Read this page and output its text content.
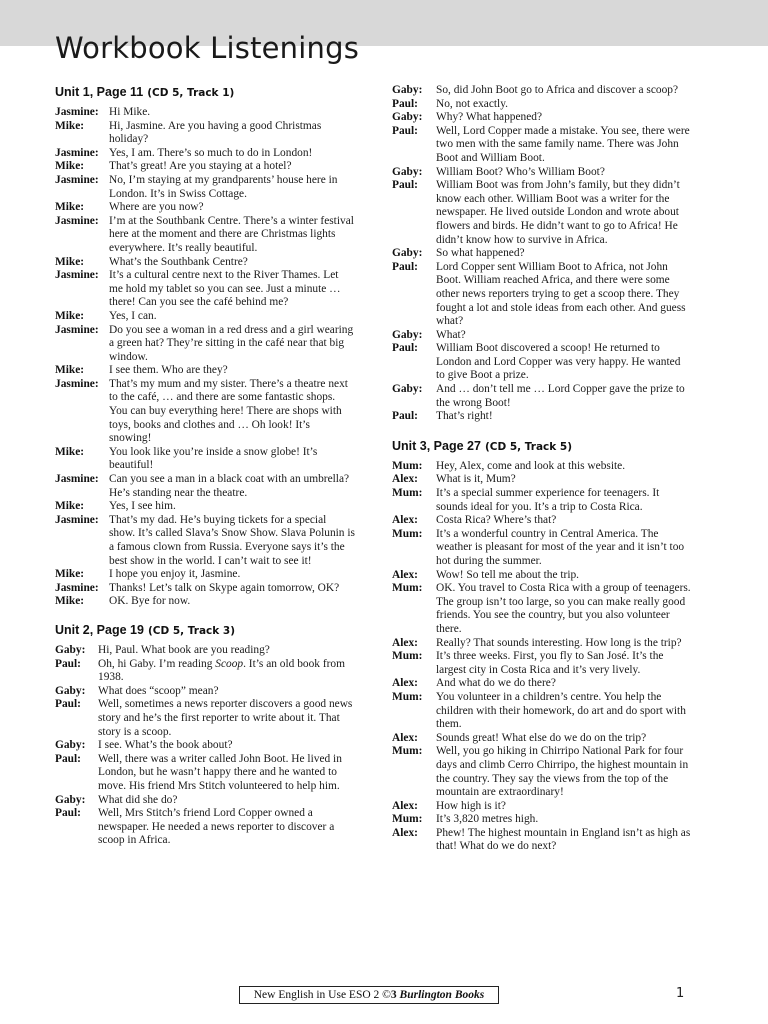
Workbook Listenings
Unit 1, Page 11 (CD 5, Track 1)
Jasmine: Hi Mike.
Mike:	Hi, Jasmine. Are you having a good Christmas holiday?
Jasmine: Yes, I am. There’s so much to do in London!
Mike:	That’s great! Are you staying at a hotel?
Jasmine: No, I’m staying at my grandparents’ house here in London. It’s in Swiss Cottage.
Mike:	Where are you now?
Jasmine: I’m at the Southbank Centre. There’s a winter festival here at the moment and there are Christmas lights everywhere. It’s really beautiful.
Mike:	What’s the Southbank Centre?
Jasmine: It’s a cultural centre next to the River Thames. Let me hold my tablet so you can see. Just a minute … there! Can you see the café behind me?
Mike:	Yes, I can.
Jasmine: Do you see a woman in a red dress and a girl wearing a green hat? They’re sitting in the café near that big window.
Mike:	I see them. Who are they?
Jasmine: That’s my mum and my sister. There’s a theatre next to the café, … and there are some fantastic shops. You can buy everything here! There are shops with toys, books and clothes and … Oh look! It’s snowing!
Mike:	You look like you’re inside a snow globe! It’s beautiful!
Jasmine: Can you see a man in a black coat with an umbrella? He’s standing near the theatre.
Mike:	Yes, I see him.
Jasmine: That’s my dad. He’s buying tickets for a special show. It’s called Slava’s Snow Show. Slava Polunin is a famous clown from Russia. Everyone says it’s the best show in the world. I can’t wait to see it!
Mike:	I hope you enjoy it, Jasmine.
Jasmine: Thanks! Let’s talk on Skype again tomorrow, OK?
Mike:	OK. Bye for now.
Unit 2, Page 19 (CD 5, Track 3)
Gaby:	Hi, Paul. What book are you reading?
Paul:	Oh, hi Gaby. I’m reading Scoop. It’s an old book from 1938.
Gaby:	What does “scoop” mean?
Paul:	Well, sometimes a news reporter discovers a good news story and he’s the first reporter to write about it. That story is a scoop.
Gaby:	I see. What’s the book about?
Paul:	Well, there was a writer called John Boot. He lived in London, but he wasn’t happy there and he wanted to move. His friend Mrs Stitch volunteered to help him.
Gaby:	What did she do?
Paul:	Well, Mrs Stitch’s friend Lord Copper owned a newspaper. He needed a news reporter to discover a scoop in Africa.
Gaby:	So, did John Boot go to Africa and discover a scoop?
Paul:	No, not exactly.
Gaby:	Why? What happened?
Paul:	Well, Lord Copper made a mistake. You see, there were two men with the same family name. There was John Boot and William Boot.
Gaby:	William Boot? Who’s William Boot?
Paul:	William Boot was from John’s family, but they didn’t know each other. William Boot was a writer for the newspaper. He lived outside London and wrote about flowers and birds. He didn’t want to go to Africa! He didn’t know how to survive in Africa.
Gaby:	So what happened?
Paul:	Lord Copper sent William Boot to Africa, not John Boot. William reached Africa, and there were some other news reporters trying to get a scoop there. They fought a lot and stole ideas from each other. And guess what?
Gaby:	What?
Paul:	William Boot discovered a scoop! He returned to London and Lord Copper was very happy. He wanted to give Boot a prize.
Gaby:	And … don’t tell me … Lord Copper gave the prize to the wrong Boot!
Paul:	That’s right!
Unit 3, Page 27 (CD 5, Track 5)
Mum:	Hey, Alex, come and look at this website.
Alex:	What is it, Mum?
Mum:	It’s a special summer experience for teenagers. It sounds ideal for you. It’s a trip to Costa Rica.
Alex:	Costa Rica? Where’s that?
Mum:	It’s a wonderful country in Central America. The weather is pleasant for most of the year and it isn’t too hot during the summer.
Alex:	Wow! So tell me about the trip.
Mum:	OK. You travel to Costa Rica with a group of teenagers. The group isn’t too large, so you can make really good friends. You see the country, but you also volunteer there.
Alex:	Really? That sounds interesting. How long is the trip?
Mum:	It’s three weeks. First, you fly to San José. It’s the largest city in Costa Rica and it’s very lively.
Alex:	And what do we do there?
Mum:	You volunteer in a children’s centre. You help the children with their homework, do art and do sport with them.
Alex:	Sounds great! What else do we do on the trip?
Mum:	Well, you go hiking in Chirripo National Park for four days and climb Cerro Chirripo, the highest mountain in the country. They say the views from the top of the mountain are extraordinary!
Alex:	How high is it?
Mum:	It’s 3,820 metres high.
Alex:	Phew! The highest mountain in England isn’t as high as that! What do we do next?
New English in Use ESO 2 ©3 Burlington Books	1
